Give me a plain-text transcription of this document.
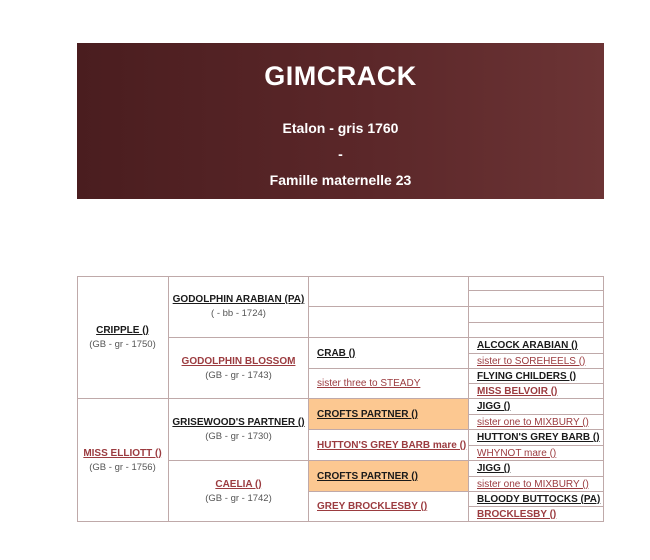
GIMCRACK
Etalon - gris 1760
-
Famille maternelle 23
CRIPPLE ()
(GB - gr - 1750)
MISS ELLIOTT ()
(GB - gr - 1756)
GODOLPHIN ARABIAN (PA)
( - bb - 1724)
GODOLPHIN BLOSSOM
(GB - gr - 1743)
GRISEWOOD'S PARTNER ()
(GB - gr - 1730)
CAELIA ()
(GB - gr - 1742)
CRAB ()
sister three to STEADY
CROFTS PARTNER ()
HUTTON'S GREY BARB mare ()
CROFTS PARTNER ()
GREY BROCKLESBY ()
ALCOCK ARABIAN ()
sister to SOREHEELS ()
FLYING CHILDERS ()
MISS BELVOIR ()
JIGG ()
sister one to MIXBURY ()
HUTTON'S GREY BARB ()
WHYNOT mare ()
JIGG ()
sister one to MIXBURY ()
BLOODY BUTTOCKS (PA)
BROCKLESBY ()
